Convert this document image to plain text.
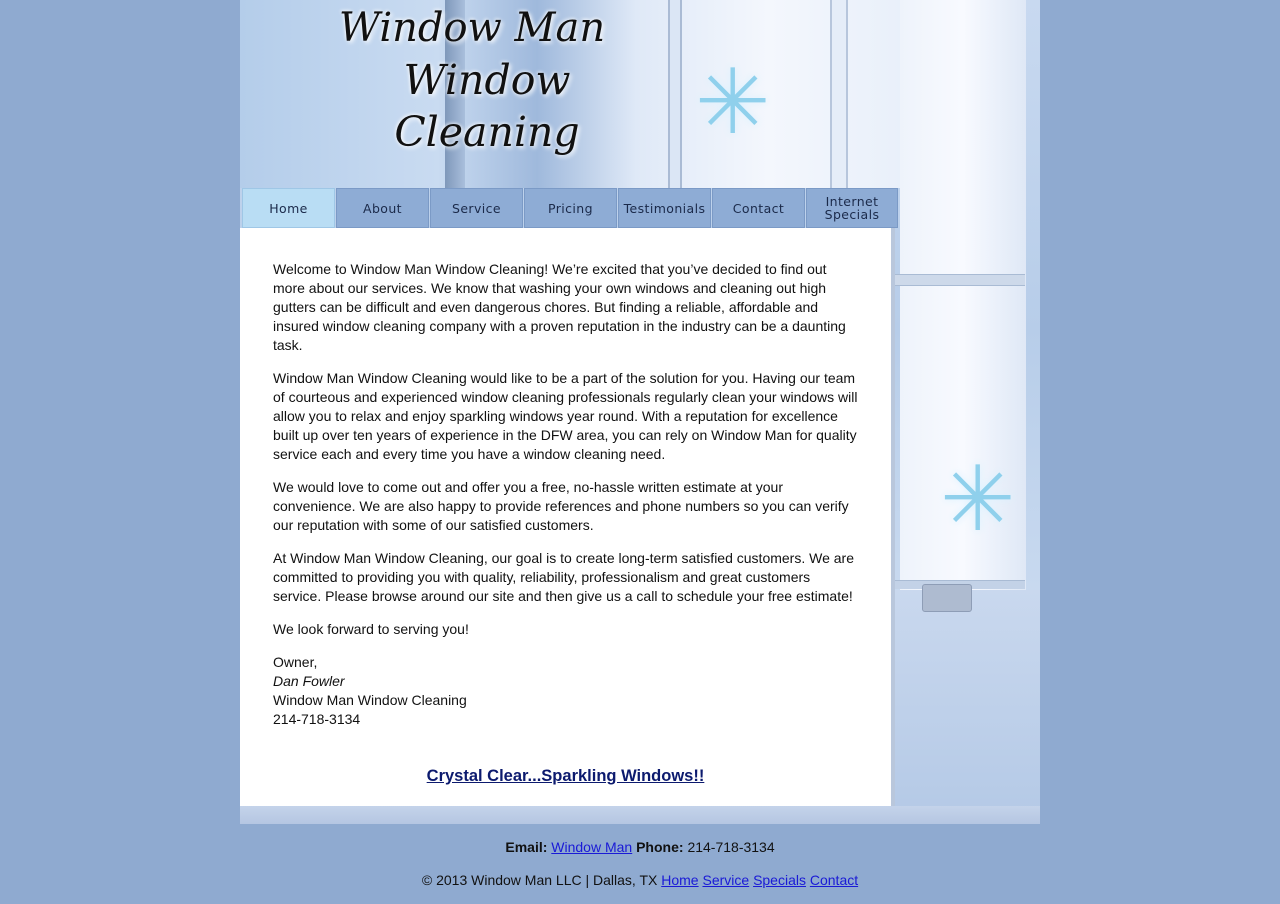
✳
✳
Window Man
Window Cleaning
Home	About	Service	Pricing	Testimonials	Contact	Internet Specials

Welcome to Window Man Window Cleaning! We’re excited that you’ve decided to find out more about our services. We know that washing your own windows and cleaning out high gutters can be difficult and even dangerous chores. But finding a reliable, affordable and insured window cleaning company with a proven reputation in the industry can be a daunting task.

Window Man Window Cleaning would like to be a part of the solution for you. Having our team of courteous and experienced window cleaning professionals regularly clean your windows will allow you to relax and enjoy sparkling windows year round. With a reputation for excellence built up over ten years of experience in the DFW area, you can rely on Window Man for quality service each and every time you have a window cleaning need.

We would love to come out and offer you a free, no-hassle written estimate at your convenience. We are also happy to provide references and phone numbers so you can verify our reputation with some of our satisfied customers.

At Window Man Window Cleaning, our goal is to create long-term satisfied customers. We are committed to providing you with quality, reliability, professionalism and great customers service. Please browse around our site and then give us a call to schedule your free estimate!

We look forward to serving you!

Owner,
Dan Fowler
Window Man Window Cleaning
214-718-3134
Crystal Clear...Sparkling Windows!!
Email: Window Man Phone: 214-718-3134
© 2013 Window Man LLC | Dallas, TX Home Service Specials Contact
